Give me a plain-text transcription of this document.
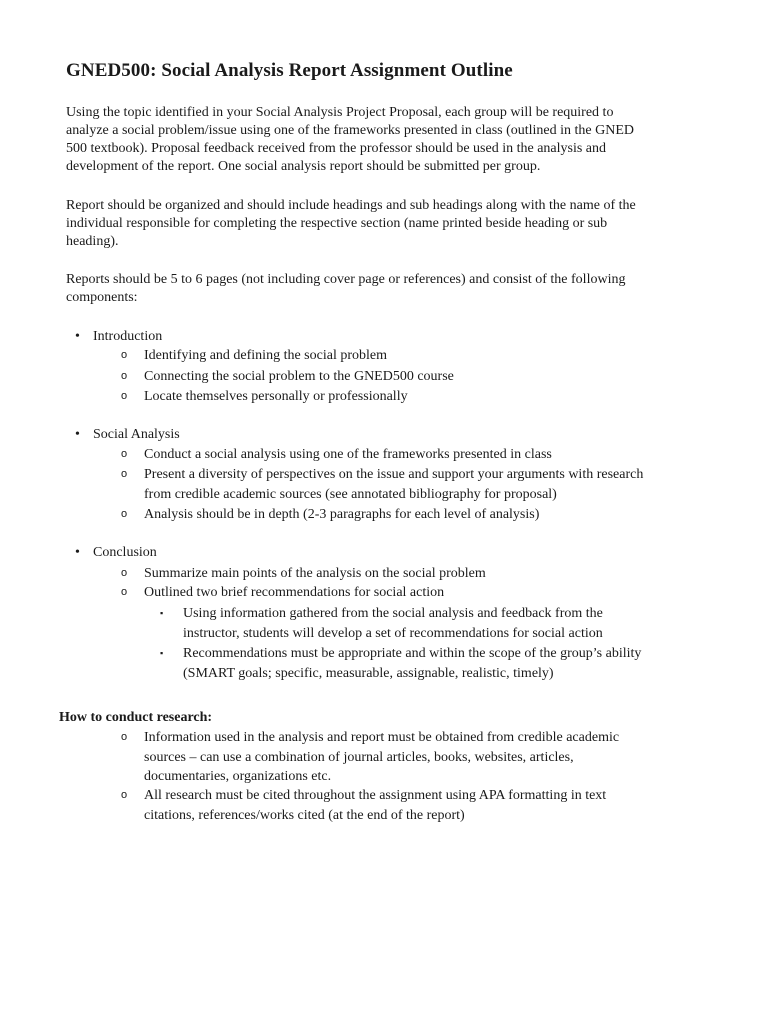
GNED500: Social Analysis Report Assignment Outline
Using the topic identified in your Social Analysis Project Proposal, each group will be required to
analyze a social problem/issue using one of the frameworks presented in class (outlined in the GNED
500 textbook). Proposal feedback received from the professor should be used in the analysis and
development of the report. One social analysis report should be submitted per group.
Report should be organized and should include headings and sub headings along with the name of the
individual responsible for completing the respective section (name printed beside heading or sub
heading).
Reports should be 5 to 6 pages (not including cover page or references) and consist of the following
components:
• Introduction
o Identifying and defining the social problem
o Connecting the social problem to the GNED500 course
o Locate themselves personally or professionally
• Social Analysis
o Conduct a social analysis using one of the frameworks presented in class
o Present a diversity of perspectives on the issue and support your arguments with research
from credible academic sources (see annotated bibliography for proposal)
o Analysis should be in depth (2-3 paragraphs for each level of analysis)
• Conclusion
o Summarize main points of the analysis on the social problem
o Outlined two brief recommendations for social action
▪ Using information gathered from the social analysis and feedback from the
instructor, students will develop a set of recommendations for social action
▪ Recommendations must be appropriate and within the scope of the group’s ability
(SMART goals; specific, measurable, assignable, realistic, timely)
How to conduct research:
o Information used in the analysis and report must be obtained from credible academic
sources – can use a combination of journal articles, books, websites, articles,
documentaries, organizations etc.
o All research must be cited throughout the assignment using APA formatting in text
citations, references/works cited (at the end of the report)
